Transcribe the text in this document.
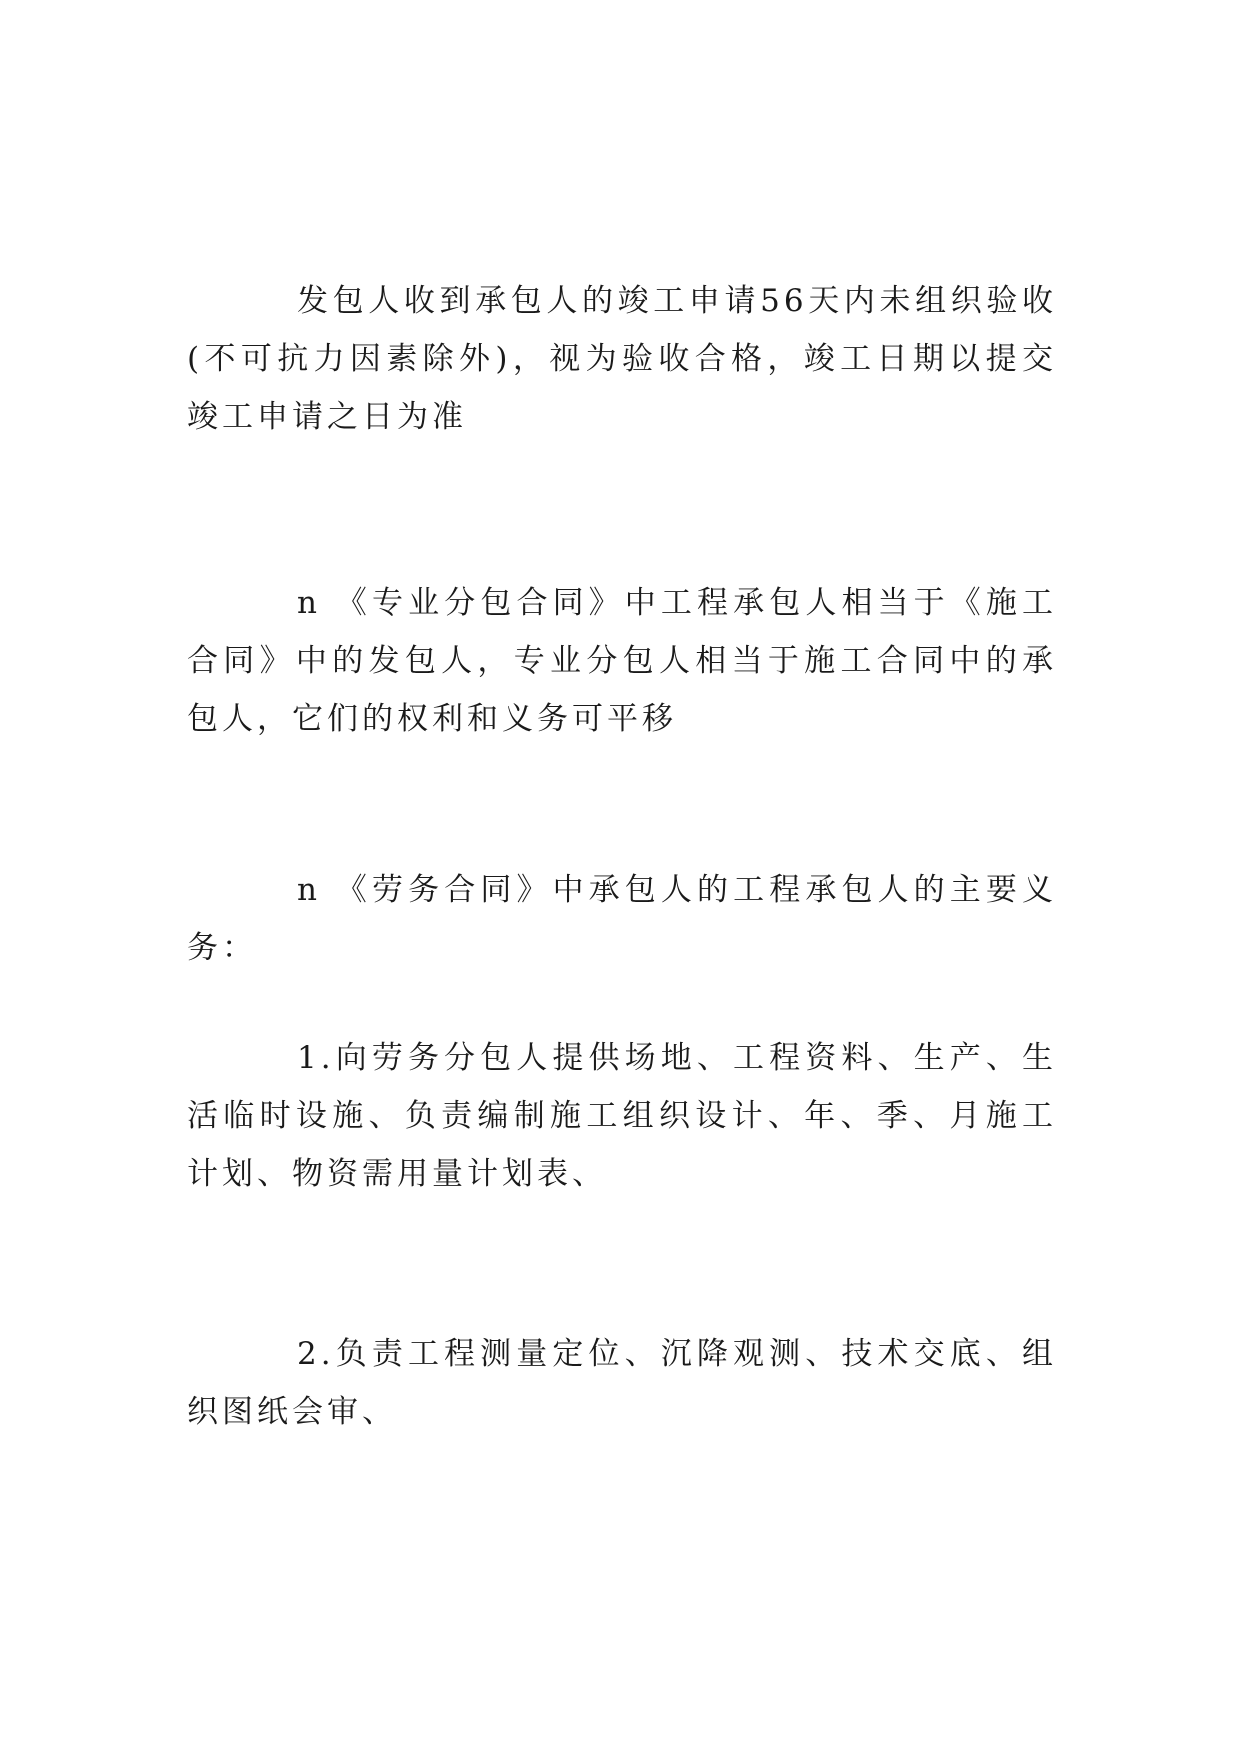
发包人收到承包人的竣工申请56天内未组织验收(不可抗力因素除外)，视为验收合格，竣工日期以提交竣工申请之日为准

n 《专业分包合同》中工程承包人相当于《施工合同》中的发包人，专业分包人相当于施工合同中的承包人，它们的权利和义务可平移

n 《劳务合同》中承包人的工程承包人的主要义务：

1.向劳务分包人提供场地、工程资料、生产、生活临时设施、负责编制施工组织设计、年、季、月施工计划、物资需用量计划表、

2.负责工程测量定位、沉降观测、技术交底、组织图纸会审、
